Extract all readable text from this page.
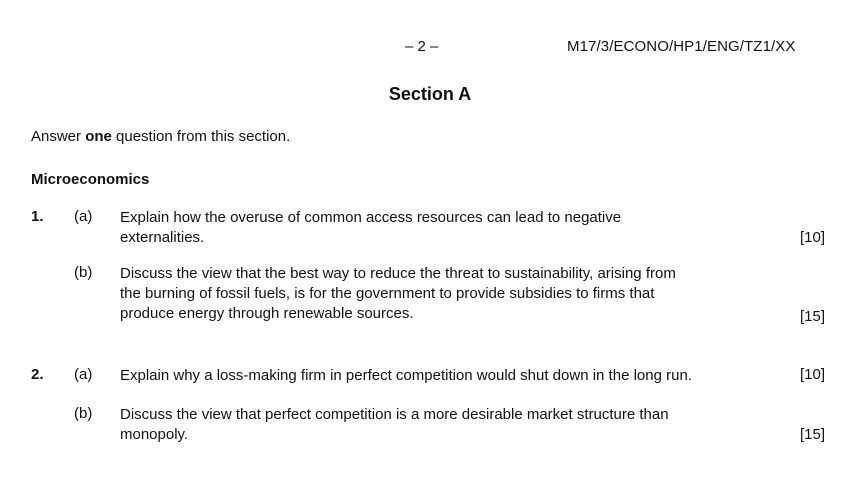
– 2 –	M17/3/ECONO/HP1/ENG/TZ1/XX
Section A
Answer one question from this section.
Microeconomics
1. (a) Explain how the overuse of common access resources can lead to negative
externalities.	[10]
(b) Discuss the view that the best way to reduce the threat to sustainability, arising from
the burning of fossil fuels, is for the government to provide subsidies to firms that
produce energy through renewable sources.	[15]
2. (a) Explain why a loss-making firm in perfect competition would shut down in the long run.	[10]
(b) Discuss the view that perfect competition is a more desirable market structure than
monopoly.	[15]
